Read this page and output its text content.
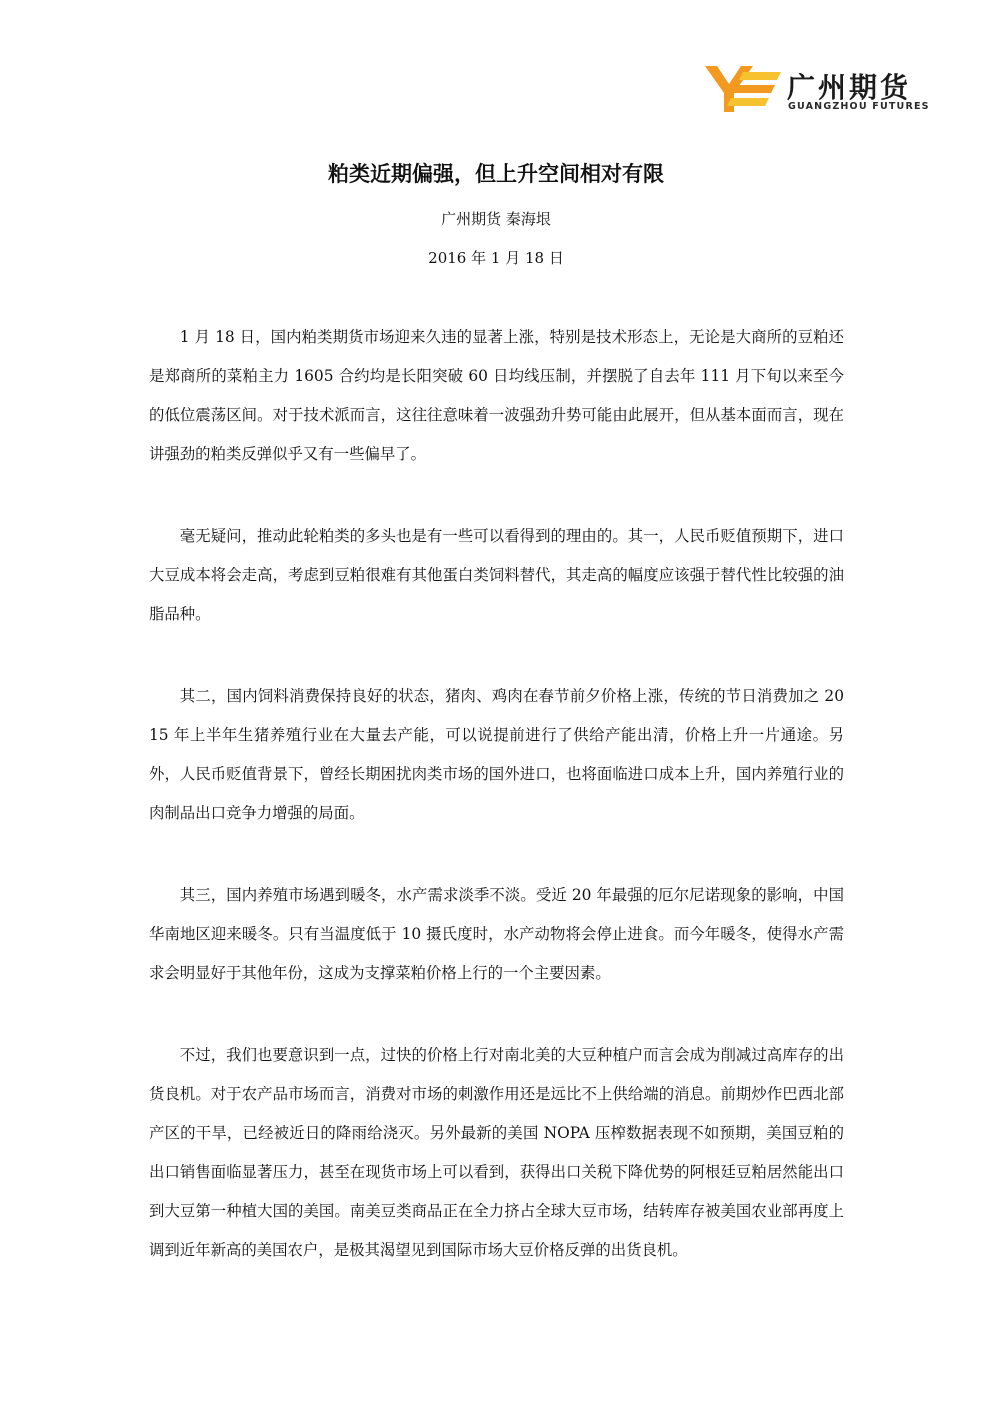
广州期货
GUANGZHOU FUTURES
粕类近期偏强，但上升空间相对有限
广州期货 秦海垠
2016 年 1 月 18 日

1 月 18 日，国内粕类期货市场迎来久违的显著上涨，特别是技术形态上，无论是大商所的豆粕还是郑商所的菜粕主力 1605 合约均是长阳突破 60 日均线压制，并摆脱了自去年 111 月下旬以来至今的低位震荡区间。对于技术派而言，这往往意味着一波强劲升势可能由此展开，但从基本面而言，现在讲强劲的粕类反弹似乎又有一些偏早了。

毫无疑问，推动此轮粕类的多头也是有一些可以看得到的理由的。其一，人民币贬值预期下，进口大豆成本将会走高，考虑到豆粕很难有其他蛋白类饲料替代，其走高的幅度应该强于替代性比较强的油脂品种。

其二，国内饲料消费保持良好的状态，猪肉、鸡肉在春节前夕价格上涨，传统的节日消费加之 2015 年上半年生猪养殖行业在大量去产能，可以说提前进行了供给产能出清，价格上升一片通途。另外，人民币贬值背景下，曾经长期困扰肉类市场的国外进口，也将面临进口成本上升，国内养殖行业的肉制品出口竞争力增强的局面。

其三，国内养殖市场遇到暖冬，水产需求淡季不淡。受近 20 年最强的厄尔尼诺现象的影响，中国华南地区迎来暖冬。只有当温度低于 10 摄氏度时，水产动物将会停止进食。而今年暖冬，使得水产需求会明显好于其他年份，这成为支撑菜粕价格上行的一个主要因素。

不过，我们也要意识到一点，过快的价格上行对南北美的大豆种植户而言会成为削减过高库存的出货良机。对于农产品市场而言，消费对市场的刺激作用还是远比不上供给端的消息。前期炒作巴西北部产区的干旱，已经被近日的降雨给浇灭。另外最新的美国 NOPA 压榨数据表现不如预期，美国豆粕的出口销售面临显著压力，甚至在现货市场上可以看到，获得出口关税下降优势的阿根廷豆粕居然能出口到大豆第一种植大国的美国。南美豆类商品正在全力挤占全球大豆市场，结转库存被美国农业部再度上调到近年新高的美国农户，是极其渴望见到国际市场大豆价格反弹的出货良机。
